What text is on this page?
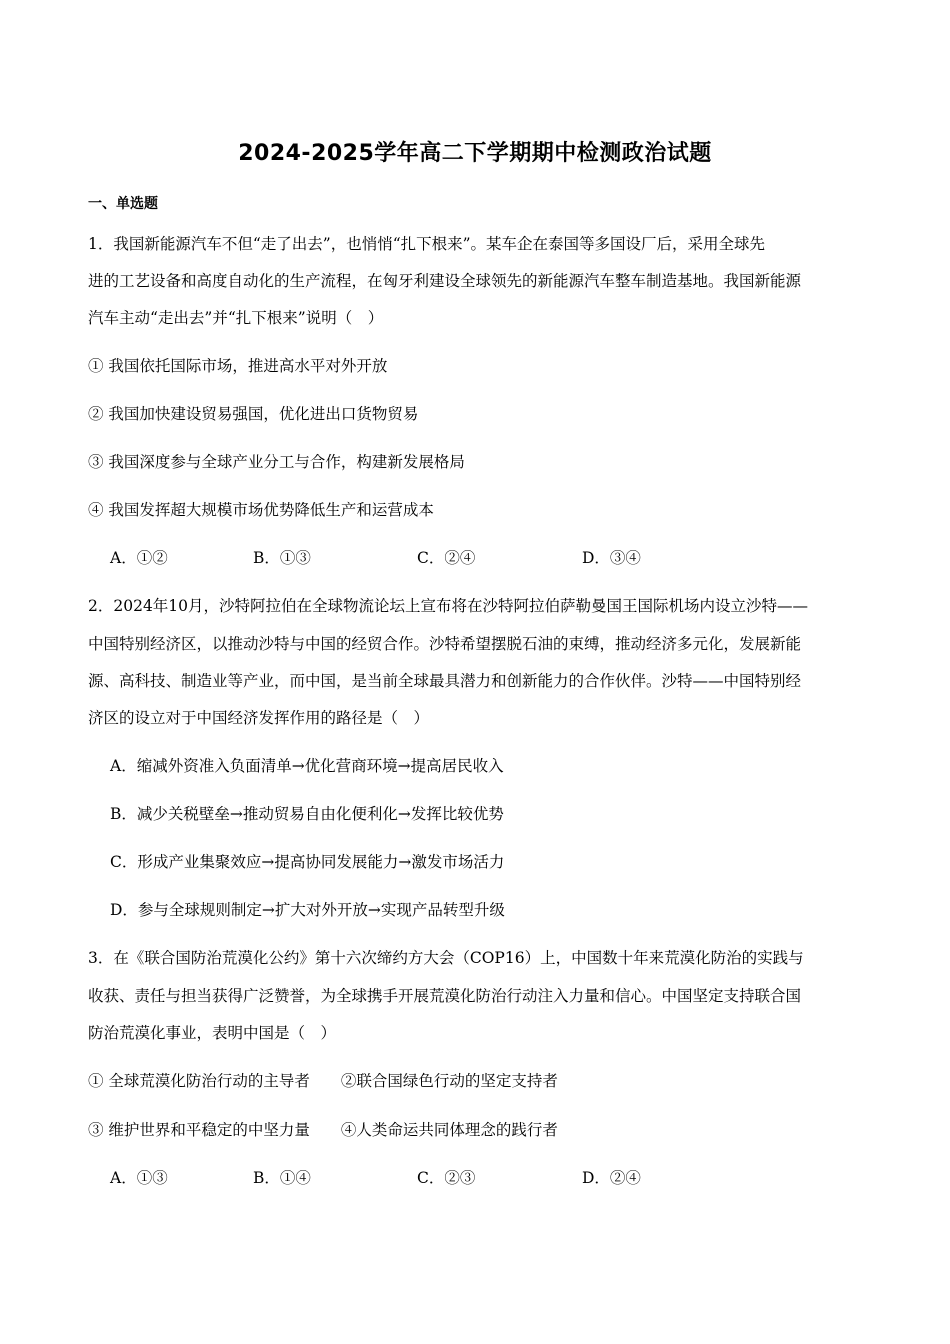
2024-2025学年高二下学期期中检测政治试题
一、单选题
1．我国新能源汽车不但“走了出去”，也悄悄“扎下根来”。某车企在泰国等多国设厂后，采用全球先
进的工艺设备和高度自动化的生产流程，在匈牙利建设全球领先的新能源汽车整车制造基地。我国新能源
汽车主动“走出去”并“扎下根来”说明（　）
① 我国依托国际市场，推进高水平对外开放
② 我国加快建设贸易强国，优化进出口货物贸易
③ 我国深度参与全球产业分工与合作，构建新发展格局
④ 我国发挥超大规模市场优势降低生产和运营成本
A．①②	B．①③	C．②④	D．③④
2．2024年10月，沙特阿拉伯在全球物流论坛上宣布将在沙特阿拉伯萨勒曼国王国际机场内设立沙特——
中国特别经济区，以推动沙特与中国的经贸合作。沙特希望摆脱石油的束缚，推动经济多元化，发展新能
源、高科技、制造业等产业，而中国，是当前全球最具潜力和创新能力的合作伙伴。沙特——中国特别经
济区的设立对于中国经济发挥作用的路径是（　）
A．缩减外资准入负面清单→优化营商环境→提高居民收入
B．减少关税壁垒→推动贸易自由化便利化→发挥比较优势
C．形成产业集聚效应→提高协同发展能力→激发市场活力
D．参与全球规则制定→扩大对外开放→实现产品转型升级
3．在《联合国防治荒漠化公约》第十六次缔约方大会（COP16）上，中国数十年来荒漠化防治的实践与
收获、责任与担当获得广泛赞誉，为全球携手开展荒漠化防治行动注入力量和信心。中国坚定支持联合国
防治荒漠化事业，表明中国是（　）
① 全球荒漠化防治行动的主导者　　②联合国绿色行动的坚定支持者
③ 维护世界和平稳定的中坚力量　　④人类命运共同体理念的践行者
A．①③	B．①④	C．②③	D．②④
